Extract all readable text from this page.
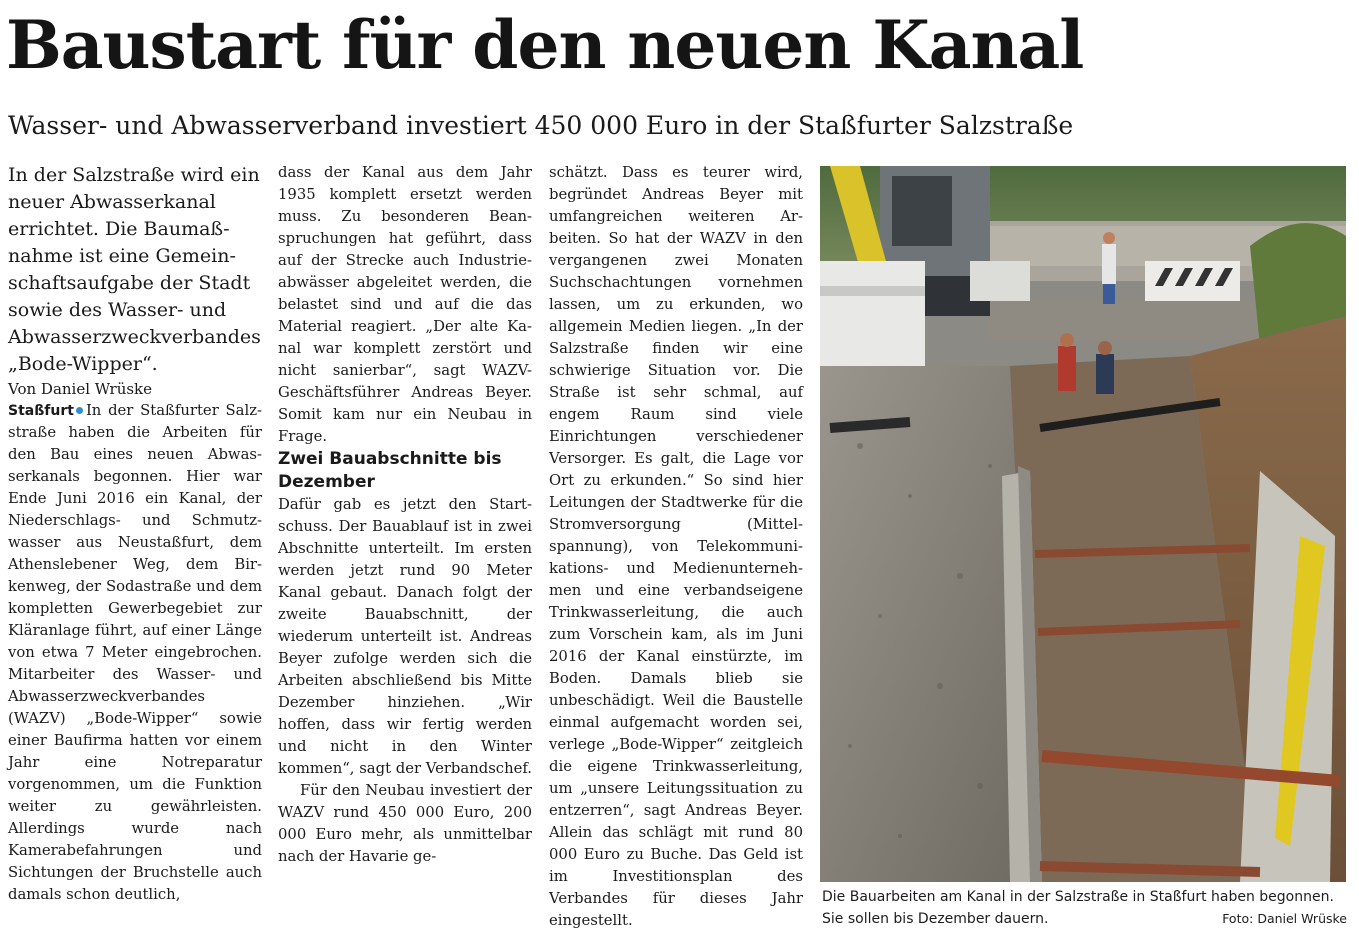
Baustart für den neuen Kanal
Wasser- und Abwasserverband investiert 450 000 Euro in der Staßfurter Salzstraße

In der Salzstraße wird ein neuer Abwasserkanal errichtet. Die Baumaßnahme ist eine Gemeinschaftsaufgabe der Stadt sowie des Wasser- und Abwasserzweckverbandes „Bode-Wipper“.

Von Daniel Wrüske

Staßfurt In der Staßfurter Salzstraße haben die Arbeiten für den Bau eines neuen Abwasserkanals begonnen. Hier war Ende Juni 2016 ein Kanal, der Niederschlags- und Schmutzwasser aus Neustaßfurt, dem Athenslebener Weg, dem Birkenweg, der Sodastraße und dem kompletten Gewerbegebiet zur Kläranlage führt, auf einer Länge von etwa 7 Meter eingebrochen. Mitarbeiter des Wasser- und Abwasserzweckverbandes (WAZV) „Bode-Wipper“ sowie einer Baufirma hatten vor einem Jahr eine Notreparatur vorgenommen, um die Funktion weiter zu gewährleisten. Allerdings wurde nach Kamerabefahrungen und Sichtungen der Bruchstelle auch damals schon deutlich,

dass der Kanal aus dem Jahr 1935 komplett ersetzt werden muss. Zu besonderen Beanspruchungen hat geführt, dass auf der Strecke auch Industrieabwässer abgeleitet werden, die belastet sind und auf die das Material reagiert. „Der alte Kanal war komplett zerstört und nicht sanierbar“, sagt WAZV-Geschäftsführer Andreas Beyer. Somit kam nur ein Neubau in Frage.

Zwei Bauabschnitte bis Dezember

Dafür gab es jetzt den Startschuss. Der Bauablauf ist in zwei Abschnitte unterteilt. Im ersten werden jetzt rund 90 Meter Kanal gebaut. Danach folgt der zweite Bauabschnitt, der wiederum unterteilt ist. Andreas Beyer zufolge werden sich die Arbeiten abschließend bis Mitte Dezember hinziehen. „Wir hoffen, dass wir fertig werden und nicht in den Winter kommen“, sagt der Verbandschef.

Für den Neubau investiert der WAZV rund 450 000 Euro, 200 000 Euro mehr, als unmittelbar nach der Havarie ge-

schätzt. Dass es teurer wird, begründet Andreas Beyer mit umfangreichen weiteren Arbeiten. So hat der WAZV in den vergangenen zwei Monaten Suchschachtungen vornehmen lassen, um zu erkunden, wo allgemein Medien liegen. „In der Salzstraße finden wir eine schwierige Situation vor. Die Straße ist sehr schmal, auf engem Raum sind viele Einrichtungen verschiedener Versorger. Es galt, die Lage vor Ort zu erkunden.“ So sind hier Leitungen der Stadtwerke für die Stromversorgung (Mittelspannung), von Telekommunikations- und Medienunternehmen und eine verbandseigene Trinkwasserleitung, die auch zum Vorschein kam, als im Juni 2016 der Kanal einstürzte, im Boden. Damals blieb sie unbeschädigt. Weil die Baustelle einmal aufgemacht worden sei, verlege „Bode-Wipper“ zeitgleich die eigene Trinkwasserleitung, um „unsere Leitungssituation zu entzerren“, sagt Andreas Beyer. Allein das schlägt mit rund 80 000 Euro zu Buche. Das Geld ist im Investitionsplan des Verbandes für dieses Jahr eingestellt.

Die Bauarbeiten am Kanal in der Salzstraße in Staßfurt haben begonnen. Sie sollen bis Dezember dauern.	Foto: Daniel Wrüske
